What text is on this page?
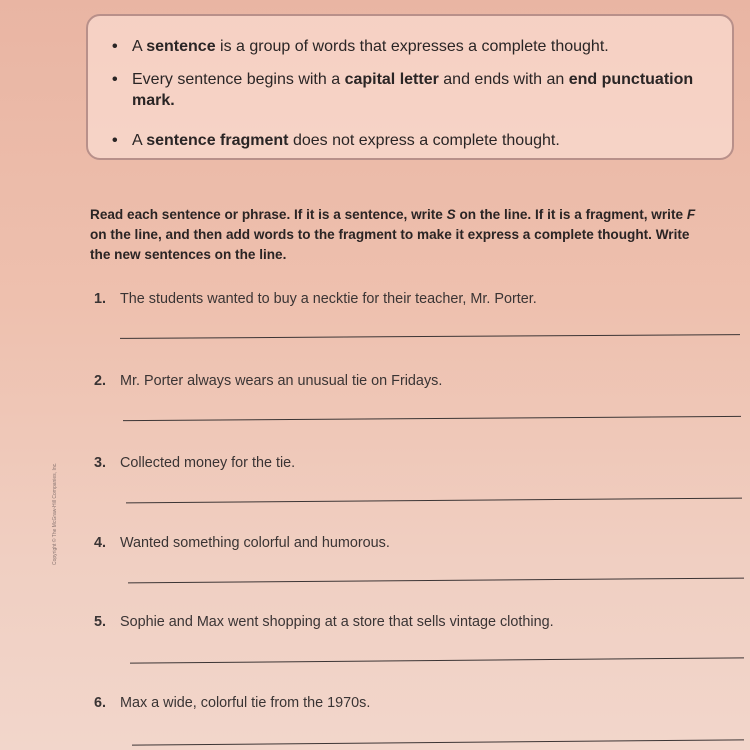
• A sentence is a group of words that expresses a complete thought.
• Every sentence begins with a capital letter and ends with an end punctuation mark.
• A sentence fragment does not express a complete thought.
Read each sentence or phrase. If it is a sentence, write S on the line. If it is a fragment, write F on the line, and then add words to the fragment to make it express a complete thought. Write the new sentences on the line.
1. The students wanted to buy a necktie for their teacher, Mr. Porter.
2. Mr. Porter always wears an unusual tie on Fridays.
3. Collected money for the tie.
4. Wanted something colorful and humorous.
5. Sophie and Max went shopping at a store that sells vintage clothing.
6. Max a wide, colorful tie from the 1970s.
Copyright © The McGraw-Hill Companies, Inc.
